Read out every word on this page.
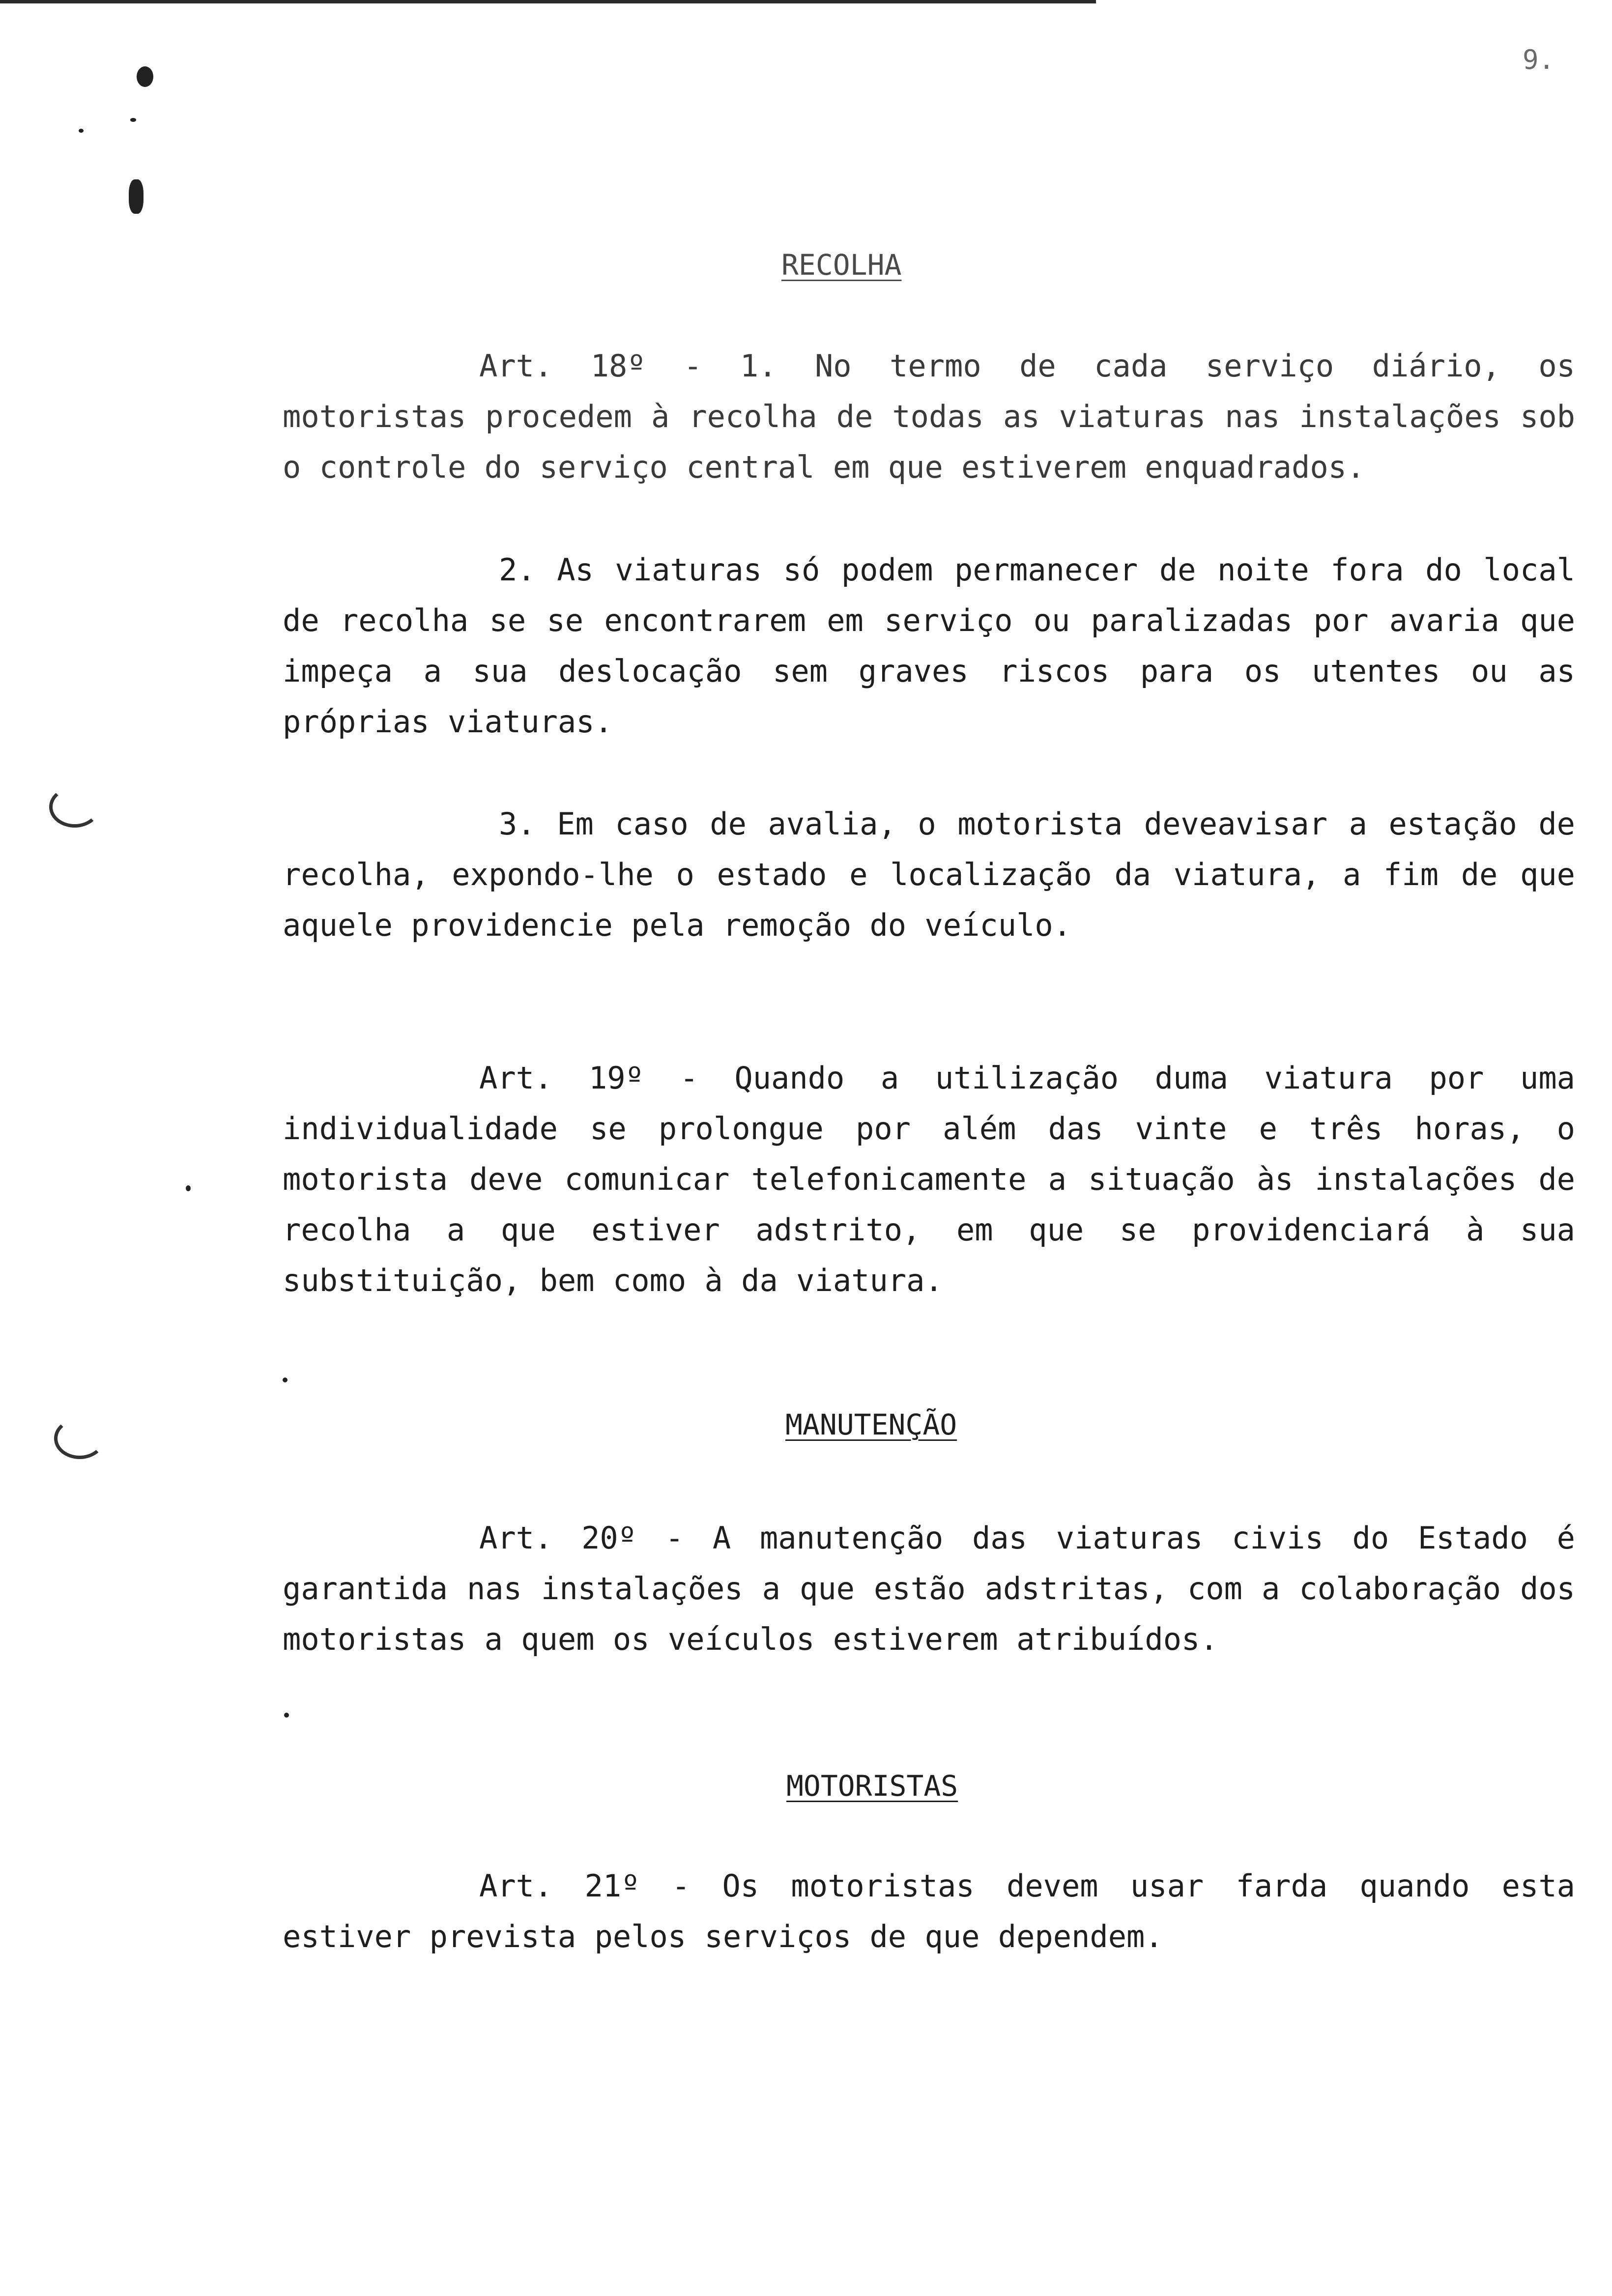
9.
RECOLHA

Art. 18º - 1. No termo de cada serviço diário, os motoristas procedem à recolha de todas as viaturas nas instalações sob o controle do serviço central em que estiverem enquadrados.

2. As viaturas só podem permanecer de noite fora do local de recolha se se encontrarem em serviço ou paralizadas por avaria que impeça a sua deslocação sem graves riscos para os utentes ou as próprias viaturas.

3. Em caso de avalia, o motorista deveavisar a estação de recolha, expondo-lhe o estado e localização da viatura, a fim de que aquele providencie pela remoção do veículo.

Art. 19º - Quando a utilização duma viatura por uma individualidade se prolongue por além das vinte e três horas, o motorista deve comunicar telefonicamente a situação às instalações de recolha a que estiver adstrito, em que se providenciará à sua substituição, bem como à da viatura.

MANUTENÇÃO

Art. 20º - A manutenção das viaturas civis do Estado é garantida nas instalações a que estão adstritas, com a colaboração dos motoristas a quem os veículos estiverem atribuídos.

MOTORISTAS

Art. 21º - Os motoristas devem usar farda quando esta estiver prevista pelos serviços de que dependem.
